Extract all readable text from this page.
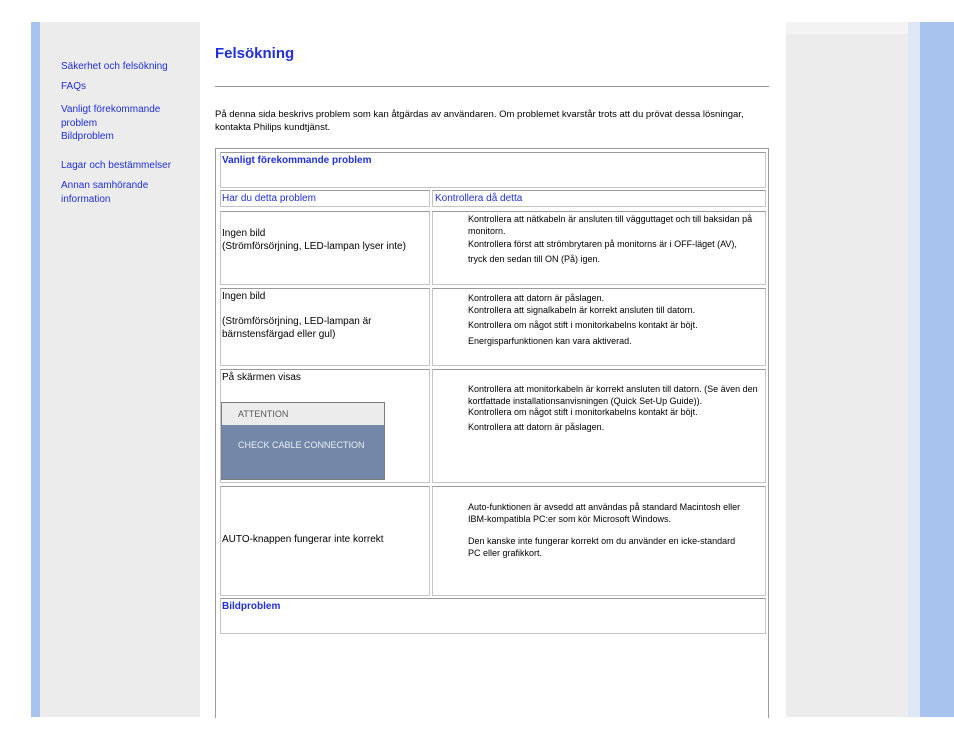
Säkerhet och felsökning
FAQs
Vanligt förekommande problem
Bildproblem
Lagar och bestämmelser
Annan samhörande information
Felsökning

På denna sida beskrivs problem som kan åtgärdas av användaren. Om problemet kvarstår trots att du prövat dessa lösningar, kontakta Philips kundtjänst.

Vanligt förekommande problem
Har du detta problem	Kontrollera då detta
Ingen bild
(Strömförsörjning, LED-lampan lyser inte)

Kontrollera att nätkabeln är ansluten till vägguttaget och till baksidan på monitorn.

Kontrollera först att strömbrytaren på monitorns är i OFF-läget (AV), tryck den sedan till ON (På) igen.

Ingen bild
(Strömförsörjning, LED-lampan är bärnstensfärgad eller gul)

Kontrollera att datorn är påslagen.

Kontrollera att signalkabeln är korrekt ansluten till datorn.

Kontrollera om något stift i monitorkabelns kontakt är böjt.

Energisparfunktionen kan vara aktiverad.

På skärmen visas
ATTENTION
CHECK CABLE CONNECTION

Kontrollera att monitorkabeln är korrekt ansluten till datorn. (Se även den kortfattade installationsanvisningen (Quick Set-Up Guide)).

Kontrollera om något stift i monitorkabelns kontakt är böjt.

Kontrollera att datorn är påslagen.

AUTO-knappen fungerar inte korrekt

Auto-funktionen är avsedd att användas på standard Macintosh eller IBM-kompatibla PC:er som kör Microsoft Windows.

Den kanske inte fungerar korrekt om du använder en icke-standard PC eller grafikkort.

Bildproblem
